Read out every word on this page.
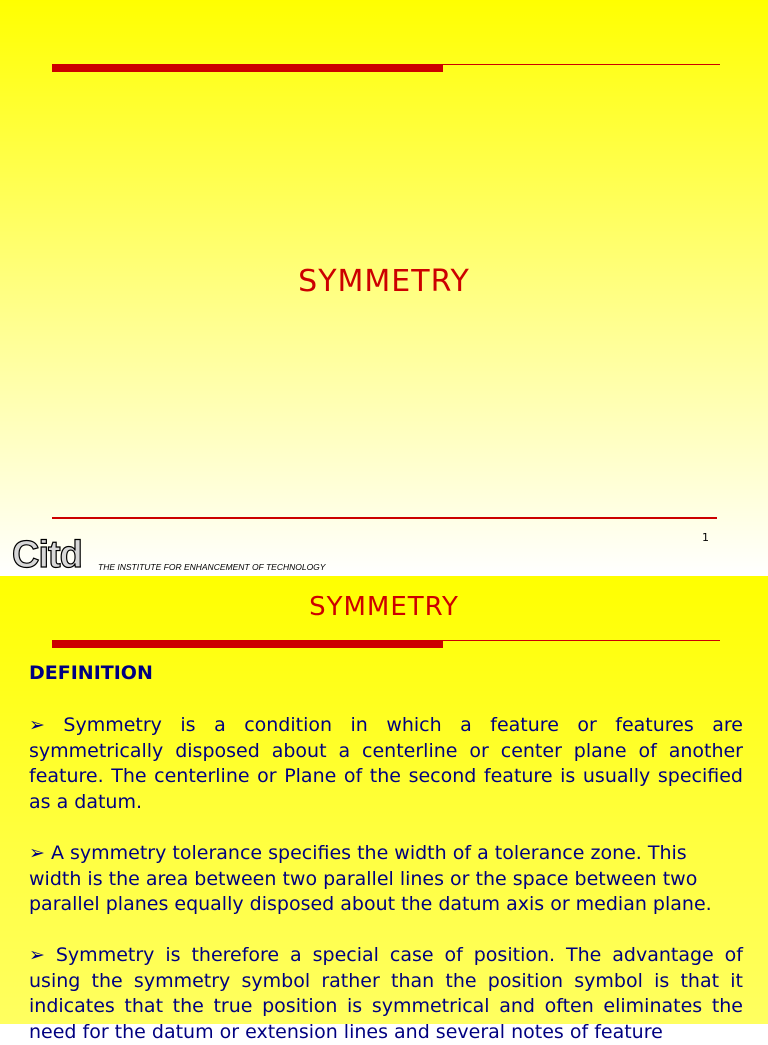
SYMMETRY
1
Citd THE INSTITUTE FOR ENHANCEMENT OF TECHNOLOGY
SYMMETRY
DEFINITION
➢ Symmetry is a condition in which a feature or features are symmetrically disposed about a centerline or center plane of another feature. The centerline or Plane of the second feature is usually specified as a datum.
➢ A symmetry tolerance specifies the width of a tolerance zone. This width is the area between two parallel lines or the space between two parallel planes equally disposed about the datum axis or median plane.
➢ Symmetry is therefore a special case of position. The advantage of using the symmetry symbol rather than the position symbol is that it indicates that the true position is symmetrical and often eliminates the need for the datum or extension lines and several notes of feature
